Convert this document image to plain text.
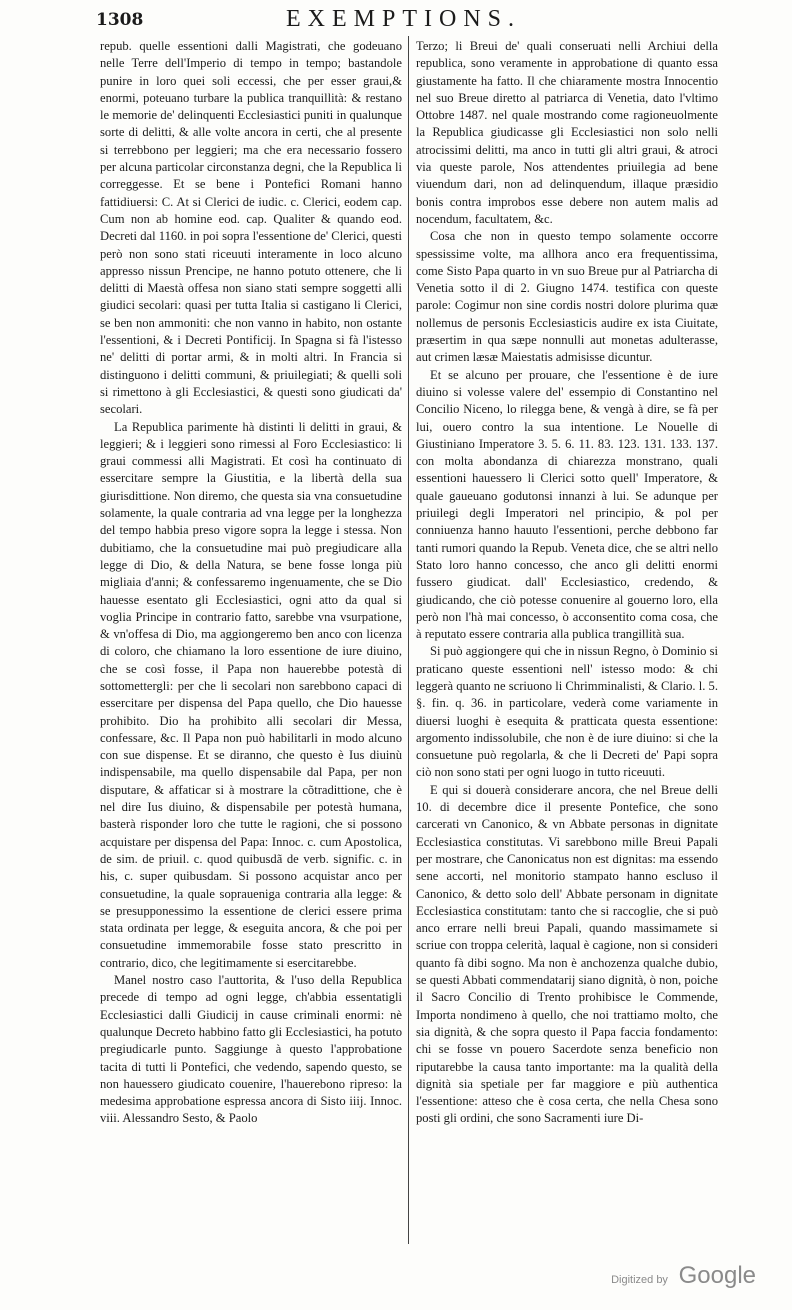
1308	EXEMPTIONS.

repub. quelle essentioni dalli Magistrati, che godeuano nelle Terre dell'Imperio di tempo in tempo; bastandole punire in loro quei soli eccessi, che per esser graui,& enormi, poteuano turbare la publica tranquillità: & restano le memorie de' delinquenti Ecclesiastici puniti in qualunque sorte di delitti, & alle volte ancora in certi, che al presente si terrebbono per leggieri; ma che era necessario fossero per alcuna particolar circonstanza degni, che la Republica li correggesse. Et se bene i Pontefici Romani hanno fattidiuersi: C. At si Clerici de iudic. c. Clerici, eodem cap. Cum non ab homine eod. cap. Qualiter & quando eod. Decreti dal 1160. in poi sopra l'essentione de' Clerici, questi però non sono stati riceuuti interamente in loco alcuno appresso nissun Prencipe, ne hanno potuto ottenere, che li delitti di Maestà offesa non siano stati sempre soggetti alli giudici secolari: quasi per tutta Italia si castigano li Clerici, se ben non ammoniti: che non vanno in habito, non ostante l'essentioni, & i Decreti Pontificij. In Spagna si fà l'istesso ne' delitti di portar armi, & in molti altri. In Francia si distinguono i delitti communi, & priuilegiati; & quelli soli si rimettono à gli Ecclesiastici, & questi sono giudicati da' secolari.

La Republica parimente hà distinti li delitti in graui, & leggieri; & i leggieri sono rimessi al Foro Ecclesiastico: li graui commessi alli Magistrati. Et così ha continuato di essercitare sempre la Giustitia, e la libertà della sua giurisdittione. Non diremo, che questa sia vna consuetudine solamente, la quale contraria ad vna legge per la longhezza del tempo habbia preso vigore sopra la legge i stessa. Non dubitiamo, che la consuetudine mai può pregiudicare alla legge di Dio, & della Natura, se bene fosse longa più migliaia d'anni; & confessaremo ingenuamente, che se Dio hauesse esentato gli Ecclesiastici, ogni atto da qual si voglia Principe in contrario fatto, sarebbe vna vsurpatione, & vn'offesa di Dio, ma aggiongeremo ben anco con licenza di coloro, che chiamano la loro essentione de iure diuino, che se così fosse, il Papa non hauerebbe potestà di sottomettergli: per che li secolari non sarebbono capaci di essercitare per dispensa del Papa quello, che Dio hauesse prohibito. Dio ha prohibito alli secolari dir Messa, confessare, &c. Il Papa non può habilitarli in modo alcuno con sue dispense. Et se diranno, che questo è Ius diuinù indispensabile, ma quello dispensabile dal Papa, per non disputare, & affaticar si à mostrare la cõtradittione, che è nel dire Ius diuino, & dispensabile per potestà humana, basterà risponder loro che tutte le ragioni, che si possono acquistare per dispensa del Papa: Innoc. c. cum Apostolica, de sim. de priuil. c. quod quibusdã de verb. signific. c. in his, c. super quibusdam. Si possono acquistar anco per consuetudine, la quale sopraueniga contraria alla legge: & se presupponessimo la essentione de clerici essere prima stata ordinata per legge, & eseguita ancora, & che poi per consuetudine immemorabile fosse stato prescritto in contrario, dico, che legitimamente si esercitarebbe.

Manel nostro caso l'auttorita, & l'uso della Republica precede di tempo ad ogni legge, ch'abbia essentatigli Ecclesiastici dalli Giudicij in cause criminali enormi: nè qualunque Decreto habbino fatto gli Ecclesiastici, ha potuto pregiudicarle punto. Saggiunge à questo l'approbatione tacita di tutti li Pontefici, che vedendo, sapendo questo, se non hauessero giudicato couenire, l'hauerebono ripreso: la medesima approbatione espressa ancora di Sisto iiij. Innoc. viii. Alessandro Sesto, & Paolo

Terzo; li Breui de' quali conseruati nelli Archiui della republica, sono veramente in approbatione di quanto essa giustamente ha fatto. Il che chiaramente mostra Innocentio nel suo Breue diretto al patriarca di Venetia, dato l'vltimo Ottobre 1487. nel quale mostrando come ragioneuolmente la Republica giudicasse gli Ecclesiastici non solo nelli atrocissimi delitti, ma anco in tutti gli altri graui, & atroci via queste parole, Nos attendentes priuilegia ad bene viuendum dari, non ad delinquendum, illaque præsidio bonis contra improbos esse debere non autem malis ad nocendum, facultatem, &c.

Cosa che non in questo tempo solamente occorre spessissime volte, ma allhora anco era frequentissima, come Sisto Papa quarto in vn suo Breue pur al Patriarcha di Venetia sotto il di 2. Giugno 1474. testifica con queste parole: Cogimur non sine cordis nostri dolore plurima quæ nollemus de personis Ecclesiasticis audire ex ista Ciuitate, præsertim in qua sæpe nonnulli aut monetas adulterasse, aut crimen læsæ Maiestatis admisisse dicuntur.

Et se alcuno per prouare, che l'essentione è de iure diuino si volesse valere del' essempio di Constantino nel Concilio Niceno, lo rilegga bene, & vengà à dire, se fà per lui, ouero contro la sua intentione. Le Nouelle di Giustiniano Imperatore 3. 5. 6. 11. 83. 123. 131. 133. 137. con molta abondanza di chiarezza monstrano, quali essentioni hauessero li Clerici sotto quell' Imperatore, & quale gaueuano godutonsi innanzi à lui. Se adunque per priuilegi degli Imperatori nel principio, & pol per conniuenza hanno hauuto l'essentioni, perche debbono far tanti rumori quando la Repub. Veneta dice, che se altri nello Stato loro hanno concesso, che anco gli delitti enormi fussero giudicat. dall' Ecclesiastico, credendo, & giudicando, che ciò potesse conuenire al gouerno loro, ella però non l'hà mai concesso, ò acconsentito coma cosa, che à reputato essere contraria alla publica trangillità sua.

Si può aggiongere qui che in nissun Regno, ò Dominio si praticano queste essentioni nell' istesso modo: & chi leggerà quanto ne scriuono li Chrimminalisti, & Clario. l. 5. §. fin. q. 36. in particolare, vederà come variamente in diuersi luoghi è esequita & pratticata questa essentione: argomento indissolubile, che non è de iure diuino: si che la consuetune può regolarla, & che li Decreti de' Papi sopra ciò non sono stati per ogni luogo in tutto riceuuti.

E qui si douerà considerare ancora, che nel Breue delli 10. di decembre dice il presente Pontefice, che sono carcerati vn Canonico, & vn Abbate personas in dignitate Ecclesiastica constitutas. Vi sarebbono mille Breui Papali per mostrare, che Canonicatus non est dignitas: ma essendo sene accorti, nel monitorio stampato hanno escluso il Canonico, & detto solo dell' Abbate personam in dignitate Ecclesiastica constitutam: tanto che si raccoglie, che si può anco errare nelli breui Papali, quando massimamete si scriue con troppa celerità, laqual è cagione, non si consideri quanto fà dibi sogno. Ma non è anchozenza qualche dubio, se questi Abbati commendatarij siano dignità, ò non, poiche il Sacro Concilio di Trento prohibisce le Commende, Importa nondimeno à quello, che noi trattiamo molto, che sia dignità, & che sopra questo il Papa faccia fondamento: chi se fosse vn pouero Sacerdote senza beneficio non riputarebbe la causa tanto importante: ma la qualità della dignità sia spetiale per far maggiore e più authentica l'essentione: atteso che è cosa certa, che nella Chesa sono posti gli ordini, che sono Sacramenti iure Di-

Digitized by Google
